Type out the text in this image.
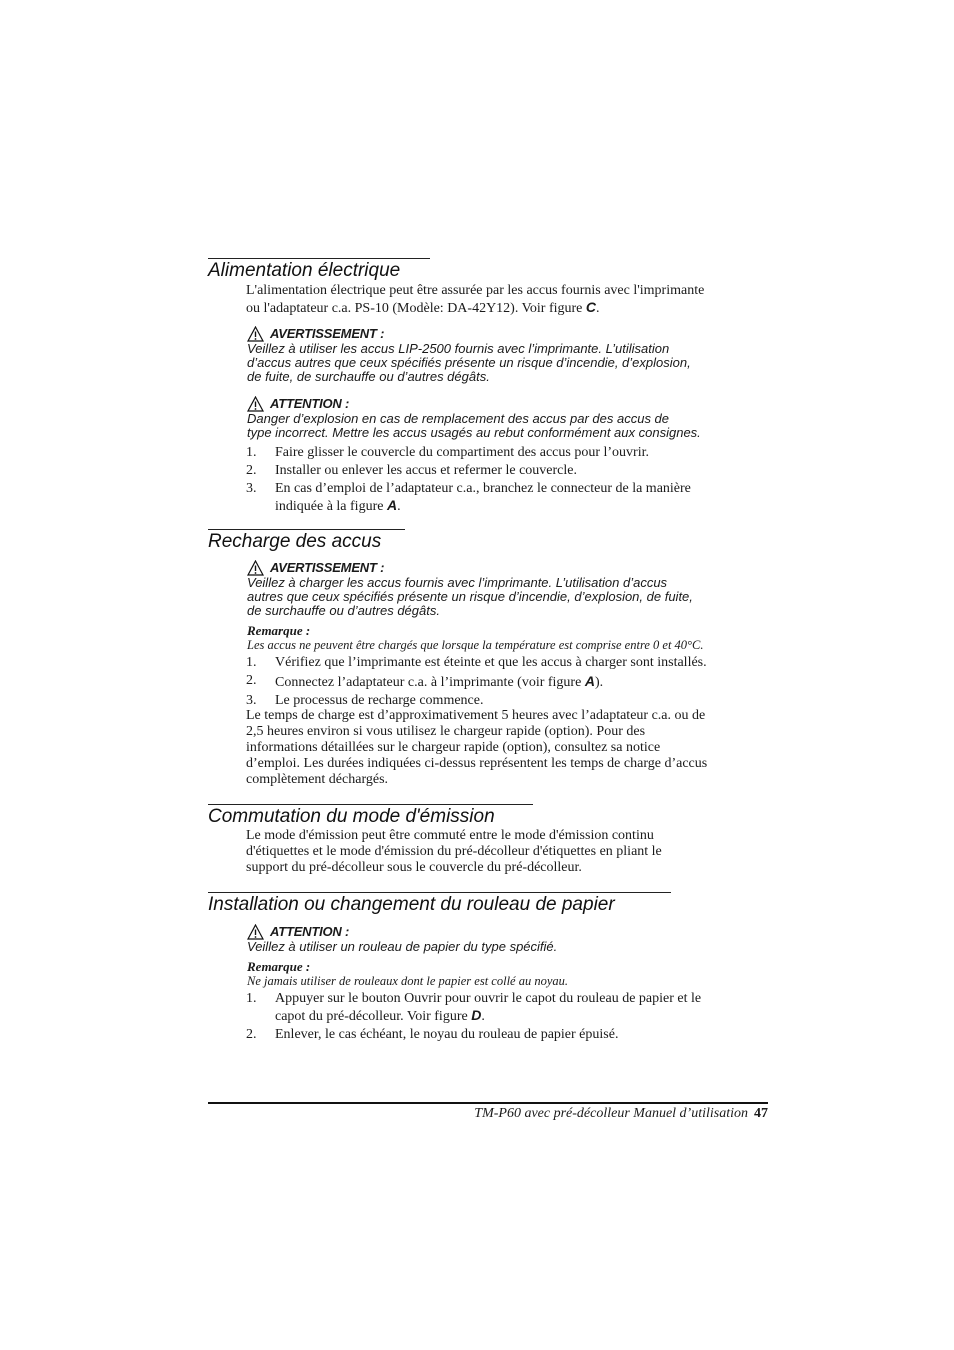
Alimentation électrique

L'alimentation électrique peut être assurée par les accus fournis avec l'imprimante

ou l'adaptateur c.a. PS-10 (Modèle: DA-42Y12). Voir figure C.

AVERTISSEMENT :
Veillez à utiliser les accus LIP-2500 fournis avec l’imprimante. L’utilisation
d’accus autres que ceux spécifiés présente un risque d’incendie, d’explosion,
de fuite, de surchauffe ou d’autres dégâts.
ATTENTION :
Danger d’explosion en cas de remplacement des accus par des accus de
type incorrect. Mettre les accus usagés au rebut conformément aux consignes.
1.	Faire glisser le couvercle du compartiment des accus pour l’ouvrir.
2.	Installer ou enlever les accus et refermer le couvercle.
3.	En cas d’emploi de l’adaptateur c.a., branchez le connecteur de la manière
indiquée à la figure A.
Recharge des accus
AVERTISSEMENT :
Veillez à charger les accus fournis avec l’imprimante. L’utilisation d’accus
autres que ceux spécifiés présente un risque d’incendie, d’explosion, de fuite,
de surchauffe ou d’autres dégâts.
Remarque :
Les accus ne peuvent être chargés que lorsque la température est comprise entre 0 et 40°C.
1.	Vérifiez que l’imprimante est éteinte et que les accus à charger sont installés.
2.	Connectez l’adaptateur c.a. à l’imprimante (voir figure A).
3.	Le processus de recharge commence.

Le temps de charge est d’approximativement 5 heures avec l’adaptateur c.a. ou de

2,5 heures environ si vous utilisez le chargeur rapide (option). Pour des

informations détaillées sur le chargeur rapide (option), consultez sa notice

d’emploi. Les durées indiquées ci-dessus représentent les temps de charge d’accus

complètement déchargés.

Commutation du mode d'émission

Le mode d'émission peut être commuté entre le mode d'émission continu

d'étiquettes et le mode d'émission du pré-décolleur d'étiquettes en pliant le

support du pré-décolleur sous le couvercle du pré-décolleur.

Installation ou changement du rouleau de papier
ATTENTION :
Veillez à utiliser un rouleau de papier du type spécifié.
Remarque :
Ne jamais utiliser de rouleaux dont le papier est collé au noyau.
1.	Appuyer sur le bouton Ouvrir pour ouvrir le capot du rouleau de papier et le
capot du pré-décolleur. Voir figure D.
2.	Enlever, le cas échéant, le noyau du rouleau de papier épuisé.
TM-P60 avec pré-décolleur Manuel d’utilisation 47
